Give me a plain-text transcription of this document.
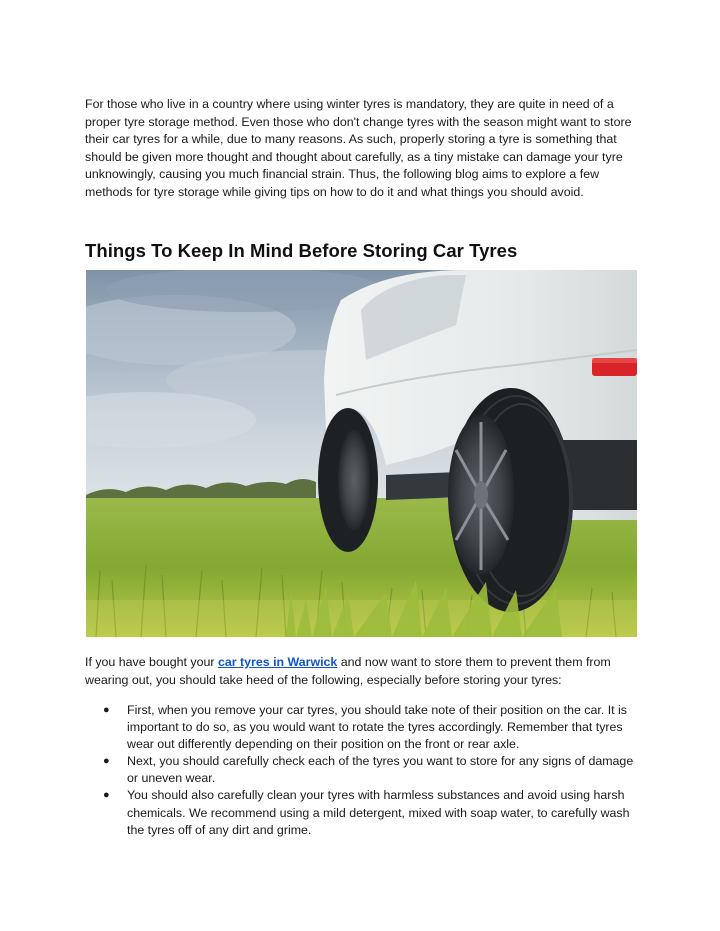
For those who live in a country where using winter tyres is mandatory, they are quite in need of a proper tyre storage method. Even those who don't change tyres with the season might want to store their car tyres for a while, due to many reasons. As such, properly storing a tyre is something that should be given more thought and thought about carefully, as a tiny mistake can damage your tyre unknowingly, causing you much financial strain. Thus, the following blog aims to explore a few methods for tyre storage while giving tips on how to do it and what things you should avoid.

Things To Keep In Mind Before Storing Car Tyres

If you have bought your car tyres in Warwick and now want to store them to prevent them from wearing out, you should take heed of the following, especially before storing your tyres:

● First, when you remove your car tyres, you should take note of their position on the car. It is important to do so, as you would want to rotate the tyres accordingly. Remember that tyres wear out differently depending on their position on the front or rear axle.
● Next, you should carefully check each of the tyres you want to store for any signs of damage or uneven wear.
● You should also carefully clean your tyres with harmless substances and avoid using harsh chemicals. We recommend using a mild detergent, mixed with soap water, to carefully wash the tyres off of any dirt and grime.
